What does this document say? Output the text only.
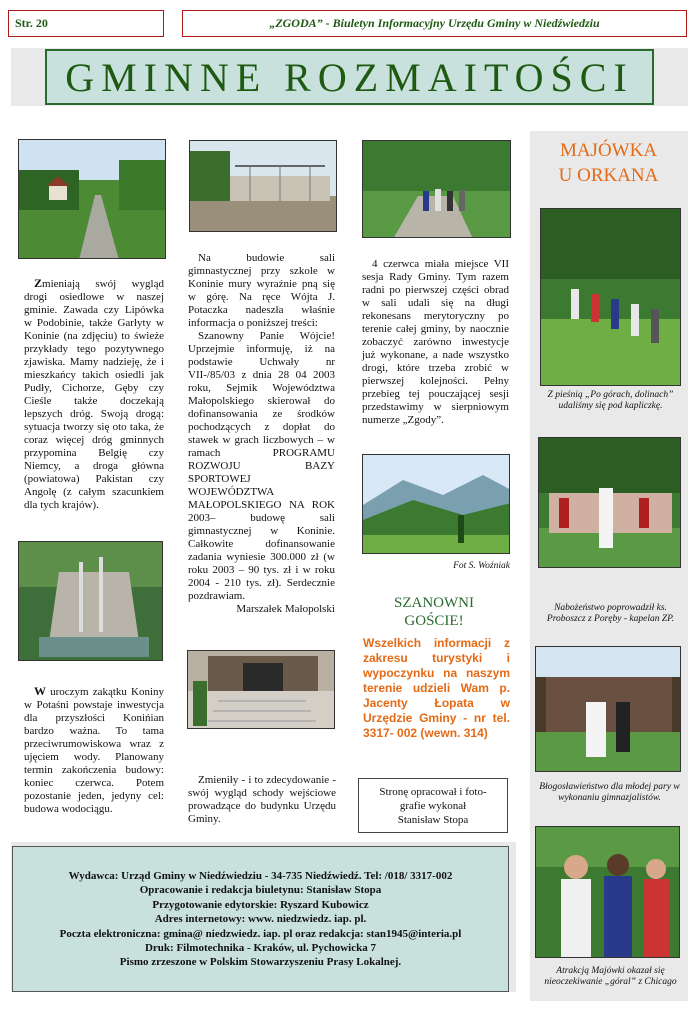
Str. 20	„ZGODA” - Biuletyn Informacyjny Urzędu Gminy w Niedźwiedziu
GMINNE ROZMAITOŚCI

Zmieniają swój wygląd drogi osiedlowe w naszej gminie. Zawada czy Lipówka w Podobinie, także Garłyty w Koninie (na zdjęciu) to świeże przykłady tego pozytywnego zjawiska. Mamy nadzieję, że i mieszkańcy takich osiedli jak Pudły, Cichorze, Gęby czy Cieśle także doczekają lepszych dróg. Swoją drogą: sytuacja tworzy się oto taka, że coraz więcej dróg gminnych przypomina Belgię czy Niemcy, a droga główna (powiatowa) Pakistan czy Angolę (z całym szacunkiem dla tych krajów).

W uroczym zakątku Koniny w Potaśni powstaje inwestycja dla przyszłości Konińian bardzo ważna. To tama przeciwrumowiskowa wraz z ujęciem wody. Planowany termin zakończenia budowy: koniec czerwca. Potem pozostanie jeden, jedyny cel: budowa wodociągu.

Na budowie sali gimnastycznej przy szkole w Koninie mury wyraźnie pną się w górę. Na ręce Wójta J. Potaczka nadeszła właśnie informacja o poniższej treści:

Szanowny Panie Wójcie! Uprzejmie informuję, iż na podstawie Uchwały nr VII-/85/03 z dnia 28 04 2003 roku, Sejmik Województwa Małopolskiego skierował do dofinansowania ze środków pochodzących z dopłat do stawek w grach liczbowych – w ramach PROGRAMU ROZWOJU BAZY SPORTOWEJ WOJEWÓDZTWA MAŁOPOLSKIEGO NA ROK 2003– budowę sali gimnastycznej w Koninie. Całkowite dofinansowanie zadania wyniesie 300.000 zł (w roku 2003 – 90 tys. zł i w roku 2004 - 210 tys. zł). Serdecznie pozdrawiam.

Marszałek Małopolski

Zmieniły - i to zdecydowanie - swój wygląd schody wejściowe prowadzące do budynku Urzędu Gminy.

4 czerwca miała miejsce VII sesja Rady Gminy. Tym razem radni po pierwszej części obrad w sali udali się na długi rekonesans merytoryczny po terenie całej gminy, by naocznie zobaczyć zarówno inwestycje już wykonane, a nade wszystko drogi, które trzeba zrobić w pierwszej kolejności. Pełny przebieg tej pouczającej sesji przedstawimy w sierpniowym numerze „Zgody”.

Fot S. Woźniak
SZANOWNI
GOŚCIE!
Wszelkich informacji z zakresu turystyki i wypoczynku na naszym terenie udzieli Wam p. Jacenty Łopata w Urzędzie Gminy - nr tel. 3317- 002 (wewn. 314)
Stronę opracował i foto-
grafie wykonał
Stanisław Stopa
MAJÓWKA
U ORKANA
Z pieśnią „Po górach, dolinach” udaliśmy się pod kapliczkę.
Nabożeństwo poprowadził ks. Proboszcz z Poręby - kapelan ZP.
Błogosławieństwo dla młodej pary w wykonaniu gimnazjalistów.
Atrakcją Majówki okazał się nieoczekiwanie „góral” z Chicago
Wydawca: Urząd Gminy w Niedźwiedziu - 34-735 Niedźwiedź. Tel: /018/ 3317-002
Opracowanie i redakcja biuletynu: Stanisław Stopa
Przygotowanie edytorskie: Ryszard Kubowicz
Adres internetowy: www. niedzwiedz. iap. pl.
Poczta elektroniczna: gmina@ niedzwiedz. iap. pl oraz redakcja: stan1945@interia.pl
Druk: Filmotechnika - Kraków, ul. Pychowicka 7
Pismo zrzeszone w Polskim Stowarzyszeniu Prasy Lokalnej.
